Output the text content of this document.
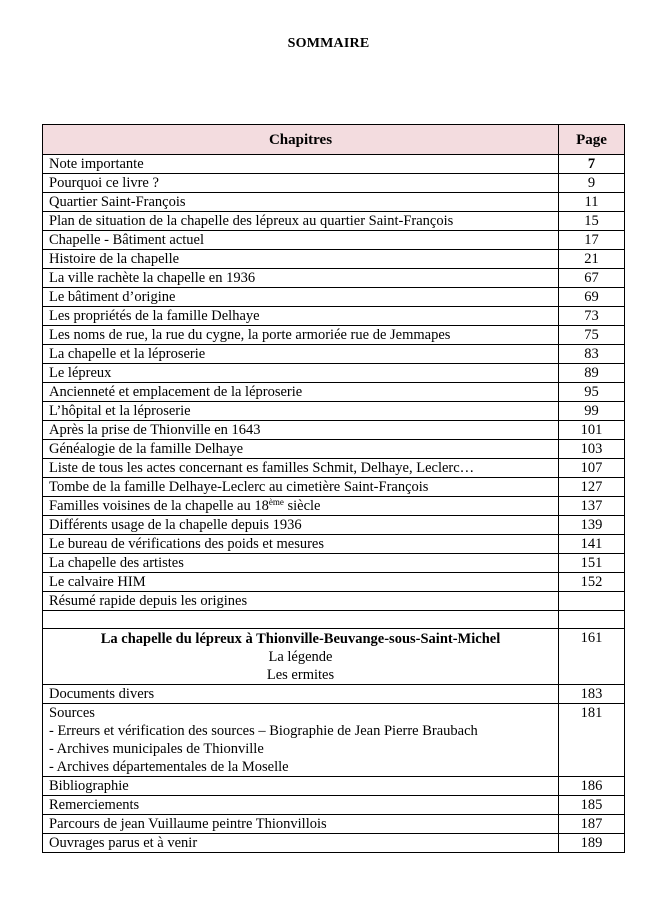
SOMMAIRE
Chapitres	Page
Note importante	7
Pourquoi ce livre ?	9
Quartier Saint-François	11
Plan de situation de la chapelle des lépreux au quartier Saint-François	15
Chapelle - Bâtiment actuel	17
Histoire de la chapelle	21
La ville rachète la chapelle en 1936	67
Le bâtiment d’origine	69
Les propriétés de la famille Delhaye	73
Les noms de rue, la rue du cygne, la porte armoriée rue de Jemmapes	75
La chapelle et la léproserie	83
Le lépreux	89
Ancienneté et emplacement de la léproserie	95
L’hôpital et la léproserie	99
Après la prise de Thionville en 1643	101
Généalogie de la famille Delhaye	103
Liste de tous les actes concernant es familles Schmit, Delhaye, Leclerc…	107
Tombe de la famille Delhaye-Leclerc au cimetière Saint-François	127
Familles voisines de la chapelle au 18ème siècle	137
Différents usage de la chapelle depuis 1936	139
Le bureau de vérifications des poids et mesures	141
La chapelle des artistes	151
Le calvaire HIM	152
Résumé rapide depuis les origines	

La chapelle du lépreux à Thionville-Beuvange-sous-Saint-Michel
La légende
Les ermites	161
Documents divers	183

Sources
- Erreurs et vérification des sources – Biographie de Jean Pierre Braubach
- Archives municipales de Thionville
- Archives départementales de la Moselle	181
Bibliographie	186
Remerciements	185
Parcours de jean Vuillaume peintre Thionvillois	187
Ouvrages parus et à venir	189
